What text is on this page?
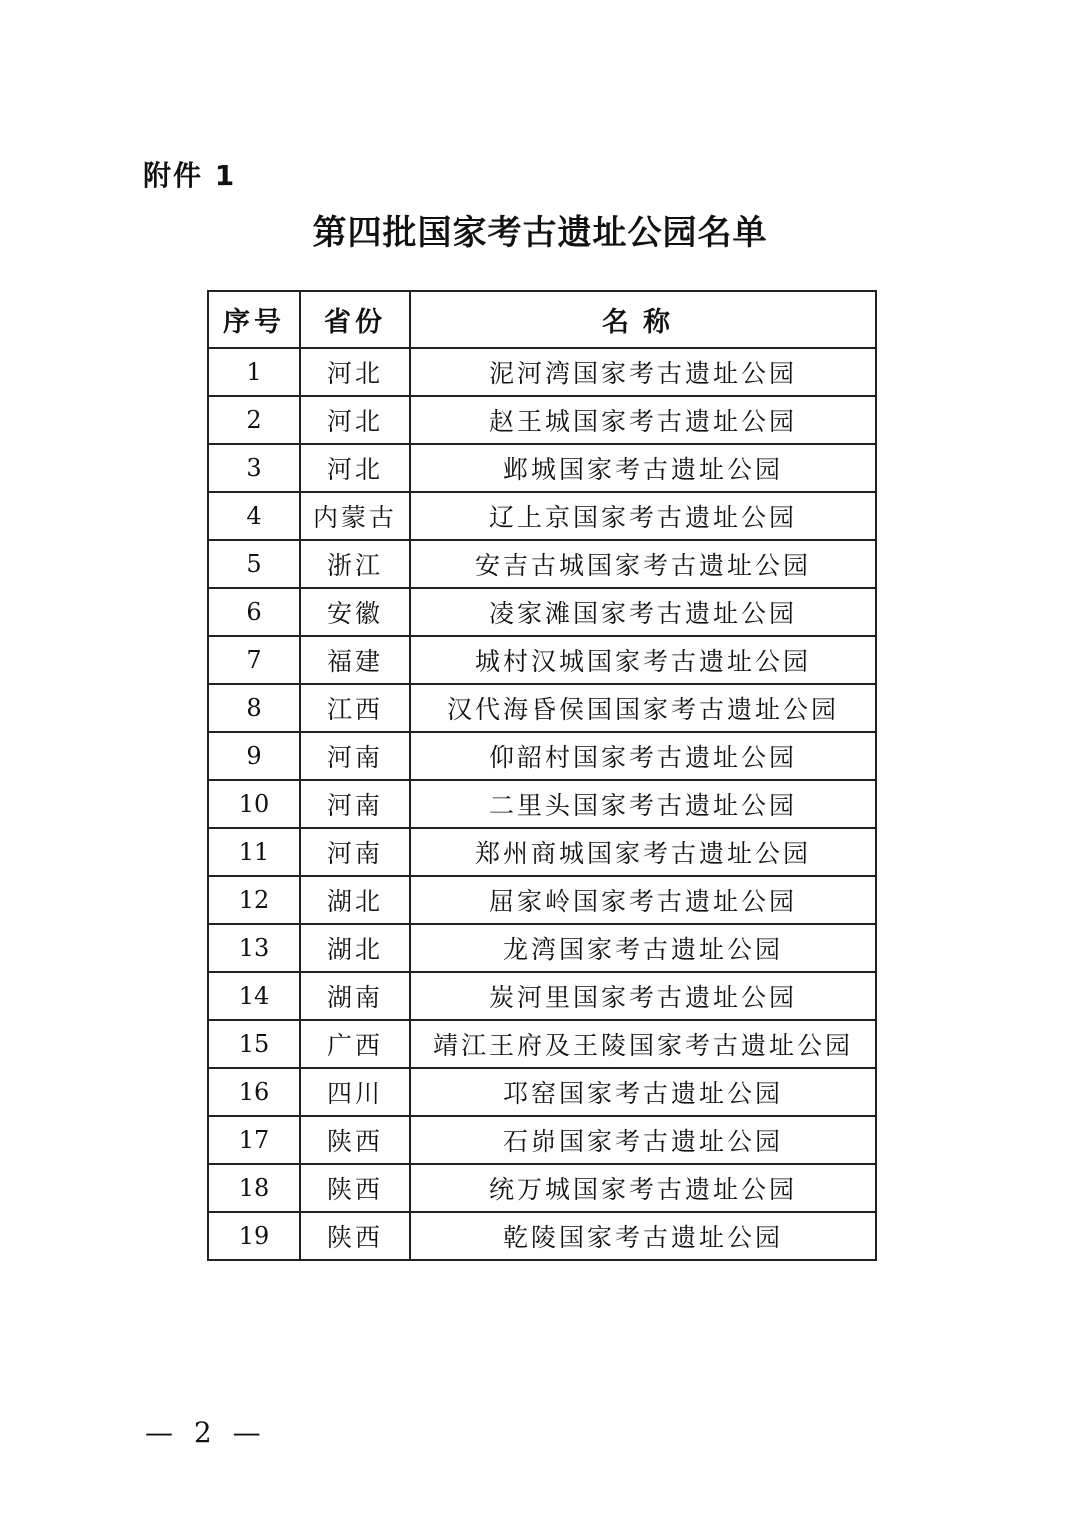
附件 1
第四批国家考古遗址公园名单
序号	省份	名称
1	河北	泥河湾国家考古遗址公园
2	河北	赵王城国家考古遗址公园
3	河北	邺城国家考古遗址公园
4	内蒙古	辽上京国家考古遗址公园
5	浙江	安吉古城国家考古遗址公园
6	安徽	凌家滩国家考古遗址公园
7	福建	城村汉城国家考古遗址公园
8	江西	汉代海昏侯国国家考古遗址公园
9	河南	仰韶村国家考古遗址公园
10	河南	二里头国家考古遗址公园
11	河南	郑州商城国家考古遗址公园
12	湖北	屈家岭国家考古遗址公园
13	湖北	龙湾国家考古遗址公园
14	湖南	炭河里国家考古遗址公园
15	广西	靖江王府及王陵国家考古遗址公园
16	四川	邛窑国家考古遗址公园
17	陕西	石峁国家考古遗址公园
18	陕西	统万城国家考古遗址公园
19	陕西	乾陵国家考古遗址公园
— 2 —
